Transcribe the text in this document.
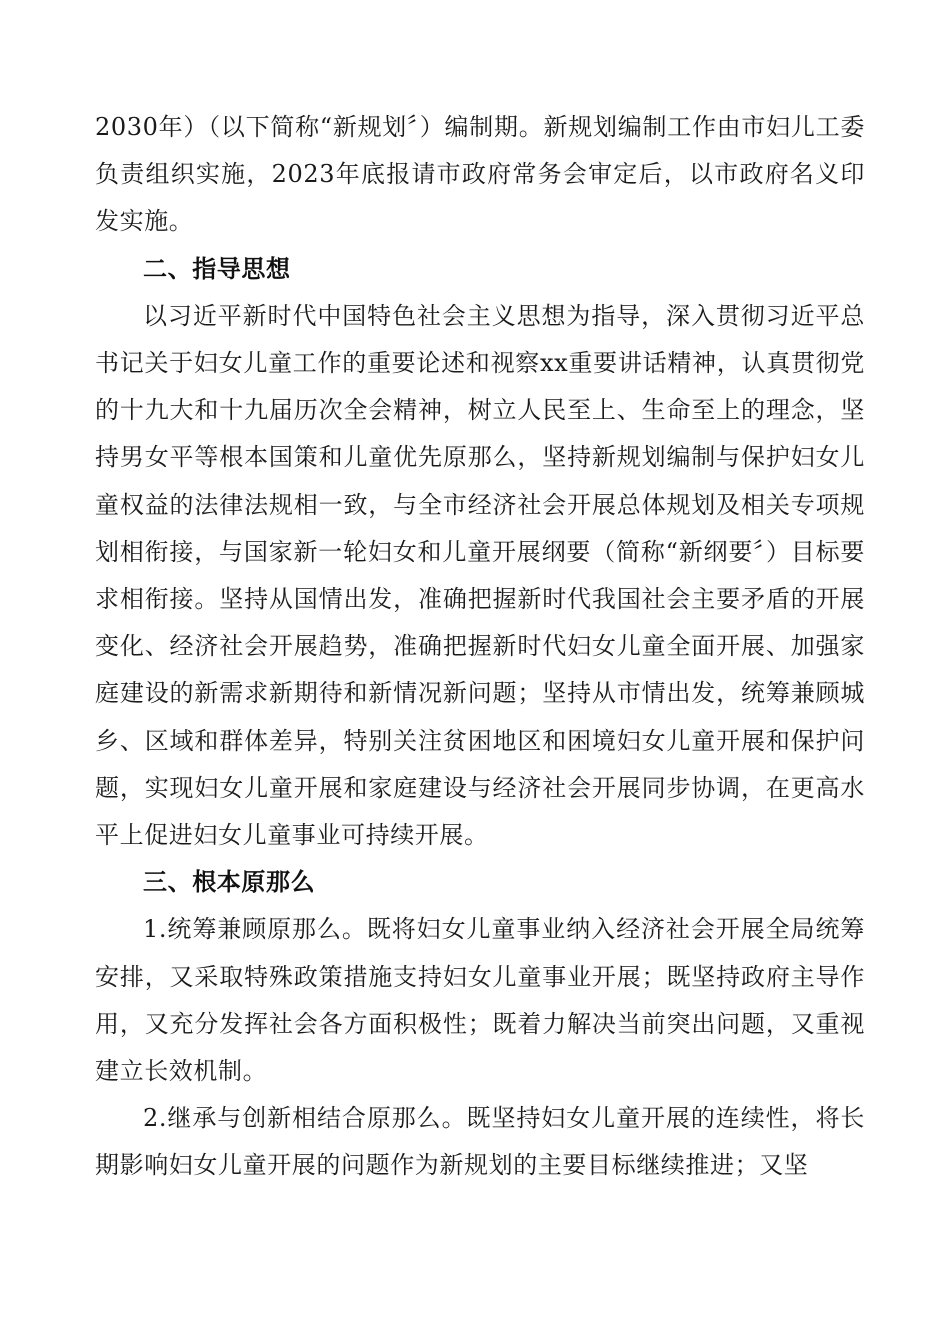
2030年）（以下简称“新规划〞）编制期。新规划编制工作由市妇儿工委负责组织实施，2023年底报请市政府常务会审定后，以市政府名义印发实施。

二、指导思想

以习近平新时代中国特色社会主义思想为指导，深入贯彻习近平总书记关于妇女儿童工作的重要论述和视察xx重要讲话精神，认真贯彻党的十九大和十九届历次全会精神，树立人民至上、生命至上的理念，坚持男女平等根本国策和儿童优先原那么，坚持新规划编制与保护妇女儿童权益的法律法规相一致，与全市经济社会开展总体规划及相关专项规划相衔接，与国家新一轮妇女和儿童开展纲要（简称“新纲要〞）目标要求相衔接。坚持从国情出发，准确把握新时代我国社会主要矛盾的开展变化、经济社会开展趋势，准确把握新时代妇女儿童全面开展、加强家庭建设的新需求新期待和新情况新问题；坚持从市情出发，统筹兼顾城乡、区域和群体差异，特别关注贫困地区和困境妇女儿童开展和保护问题，实现妇女儿童开展和家庭建设与经济社会开展同步协调，在更高水平上促进妇女儿童事业可持续开展。

三、根本原那么

1.统筹兼顾原那么。既将妇女儿童事业纳入经济社会开展全局统筹安排，又采取特殊政策措施支持妇女儿童事业开展；既坚持政府主导作用，又充分发挥社会各方面积极性；既着力解决当前突出问题，又重视建立长效机制。

2.继承与创新相结合原那么。既坚持妇女儿童开展的连续性，将长期影响妇女儿童开展的问题作为新规划的主要目标继续推进；又坚
